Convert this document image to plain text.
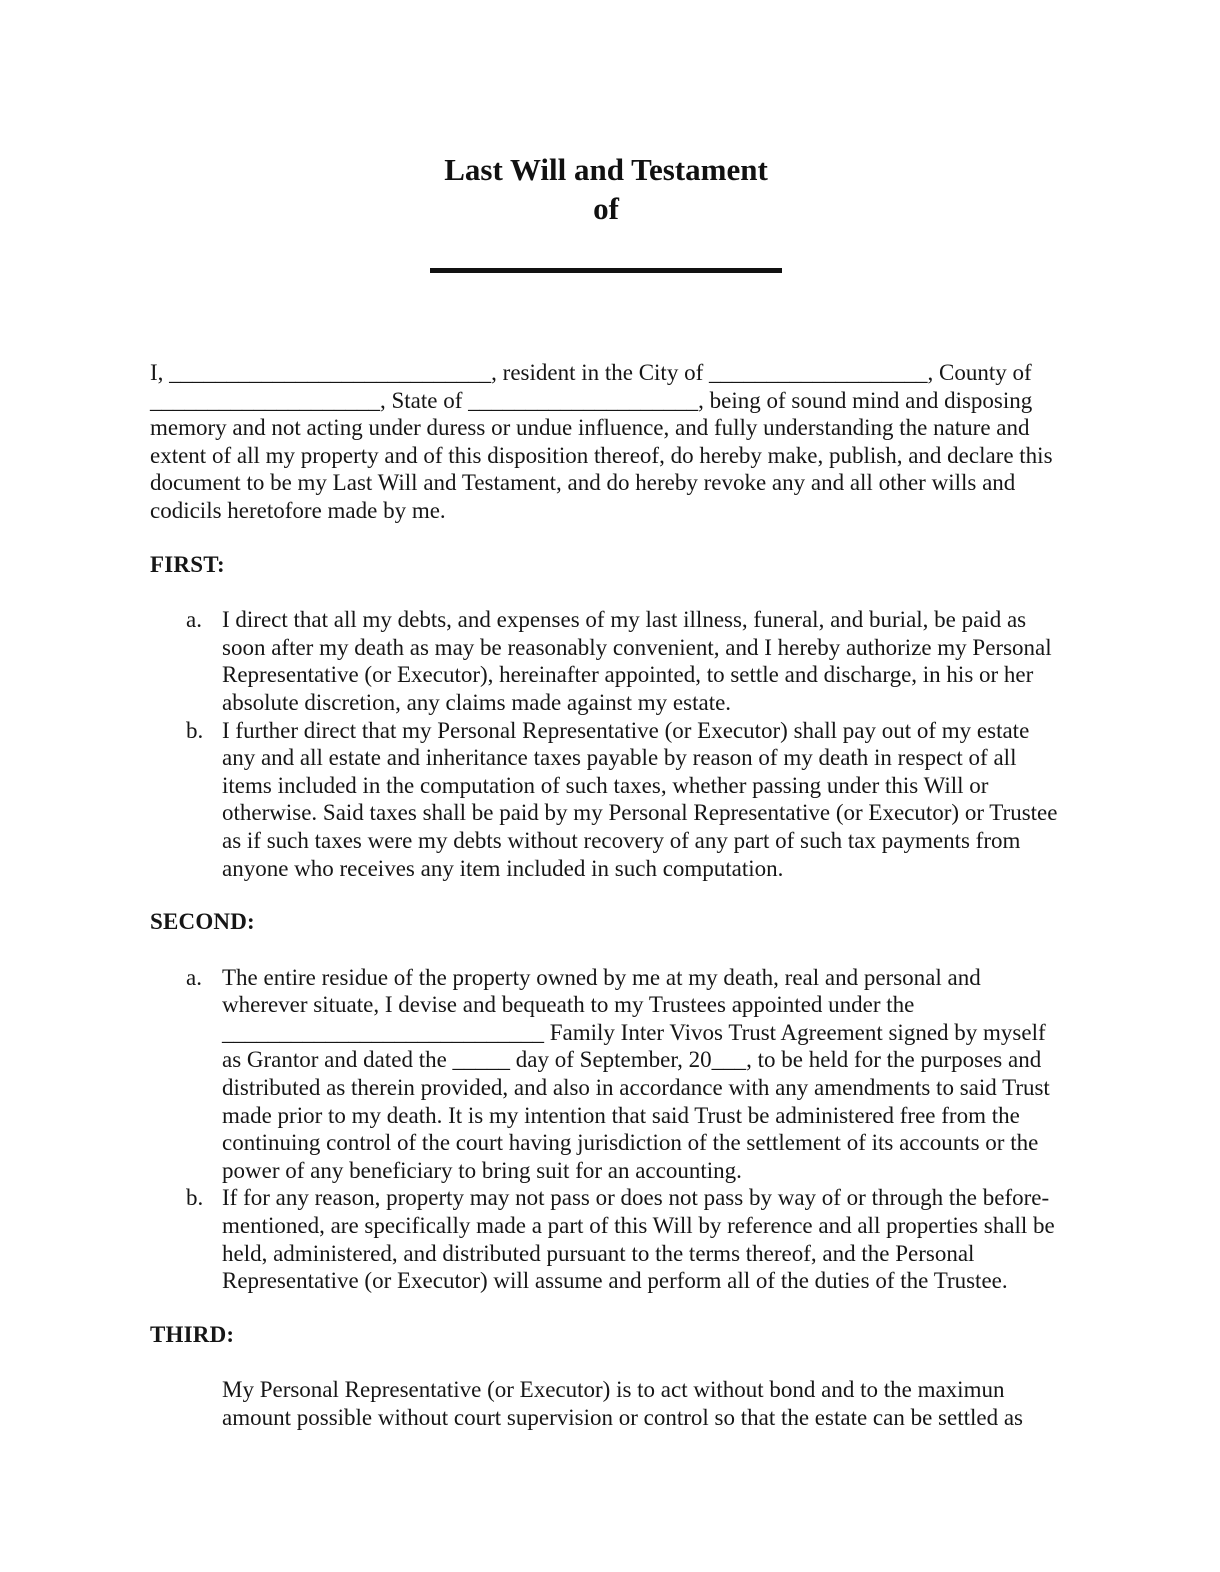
Last Will and Testament
of

I, ____________________________, resident in the City of ___________________, County of ____________________, State of ____________________, being of sound mind and disposing memory and not acting under duress or undue influence, and fully understanding the nature and extent of all my property and of this disposition thereof, do hereby make, publish, and declare this document to be my Last Will and Testament, and do hereby revoke any and all other wills and codicils heretofore made by me.

FIRST:
a. I direct that all my debts, and expenses of my last illness, funeral, and burial, be paid as soon after my death as may be reasonably convenient, and I hereby authorize my Personal Representative (or Executor), hereinafter appointed, to settle and discharge, in his or her absolute discretion, any claims made against my estate.
b. I further direct that my Personal Representative (or Executor) shall pay out of my estate any and all estate and inheritance taxes payable by reason of my death in respect of all items included in the computation of such taxes, whether passing under this Will or otherwise. Said taxes shall be paid by my Personal Representative (or Executor) or Trustee as if such taxes were my debts without recovery of any part of such tax payments from anyone who receives any item included in such computation.
SECOND:
a. The entire residue of the property owned by me at my death, real and personal and wherever situate, I devise and bequeath to my Trustees appointed under the ____________________________ Family Inter Vivos Trust Agreement signed by myself as Grantor and dated the _____ day of September, 20___, to be held for the purposes and distributed as therein provided, and also in accordance with any amendments to said Trust made prior to my death. It is my intention that said Trust be administered free from the continuing control of the court having jurisdiction of the settlement of its accounts or the power of any beneficiary to bring suit for an accounting.
b. If for any reason, property may not pass or does not pass by way of or through the before-mentioned, are specifically made a part of this Will by reference and all properties shall be held, administered, and distributed pursuant to the terms thereof, and the Personal Representative (or Executor) will assume and perform all of the duties of the Trustee.
THIRD:

My Personal Representative (or Executor) is to act without bond and to the maximun amount possible without court supervision or control so that the estate can be settled as
